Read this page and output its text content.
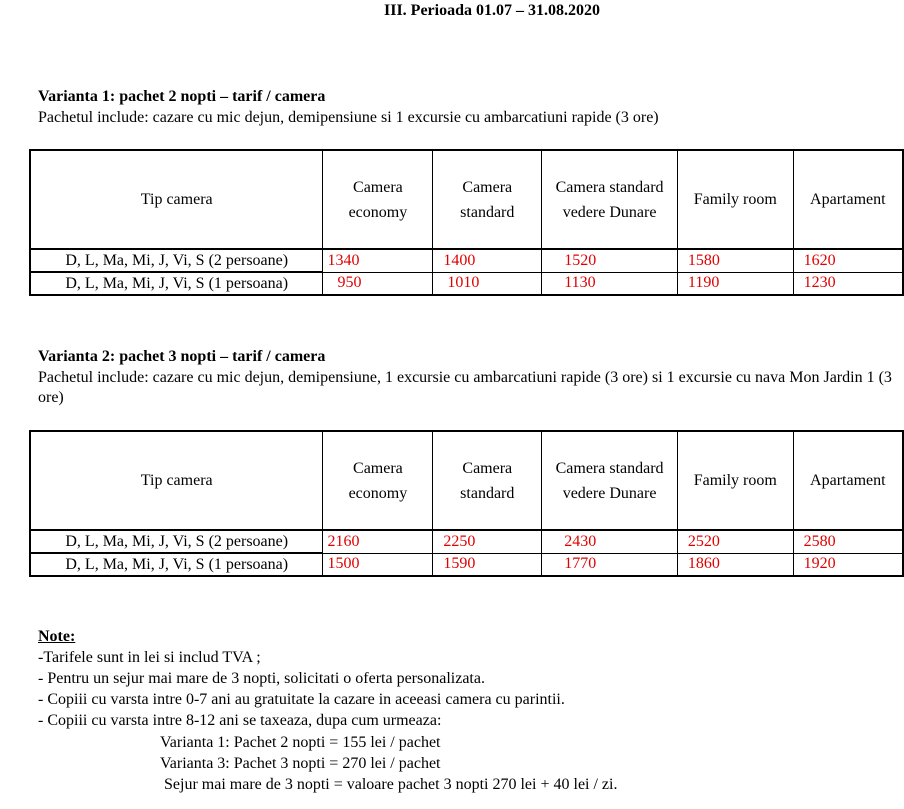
III. Perioada 01.07 – 31.08.2020
Varianta 1: pachet 2 nopti – tarif / camera
Pachetul include: cazare cu mic dejun, demipensiune si 1 excursie cu ambarcatiuni rapide (3 ore)
Tip camera	Camera economy	Camera standard	Camera standard vedere Dunare	Family room	Apartament
D, L, Ma, Mi, J, Vi, S (2 persoane)	1340	1400	1520	1580	1620
D, L, Ma, Mi, J, Vi, S (1 persoana)	950	1010	1130	1190	1230
Varianta 2: pachet 3 nopti – tarif / camera
Pachetul include: cazare cu mic dejun, demipensiune, 1 excursie cu ambarcatiuni rapide (3 ore) si 1 excursie cu nava Mon Jardin 1 (3 ore)
Tip camera	Camera economy	Camera standard	Camera standard vedere Dunare	Family room	Apartament
D, L, Ma, Mi, J, Vi, S (2 persoane)	2160	2250	2430	2520	2580
D, L, Ma, Mi, J, Vi, S (1 persoana)	1500	1590	1770	1860	1920
Note:
-Tarifele sunt in lei si includ TVA ;
- Pentru un sejur mai mare de 3 nopti, solicitati o oferta personalizata.
- Copiii cu varsta intre 0-7 ani au gratuitate la cazare in aceeasi camera cu parintii.
- Copiii cu varsta intre 8-12 ani se taxeaza, dupa cum urmeaza:
Varianta 1: Pachet 2 nopti = 155 lei / pachet
Varianta 3: Pachet 3 nopti = 270 lei / pachet
Sejur mai mare de 3 nopti = valoare pachet 3 nopti 270 lei + 40 lei / zi.
